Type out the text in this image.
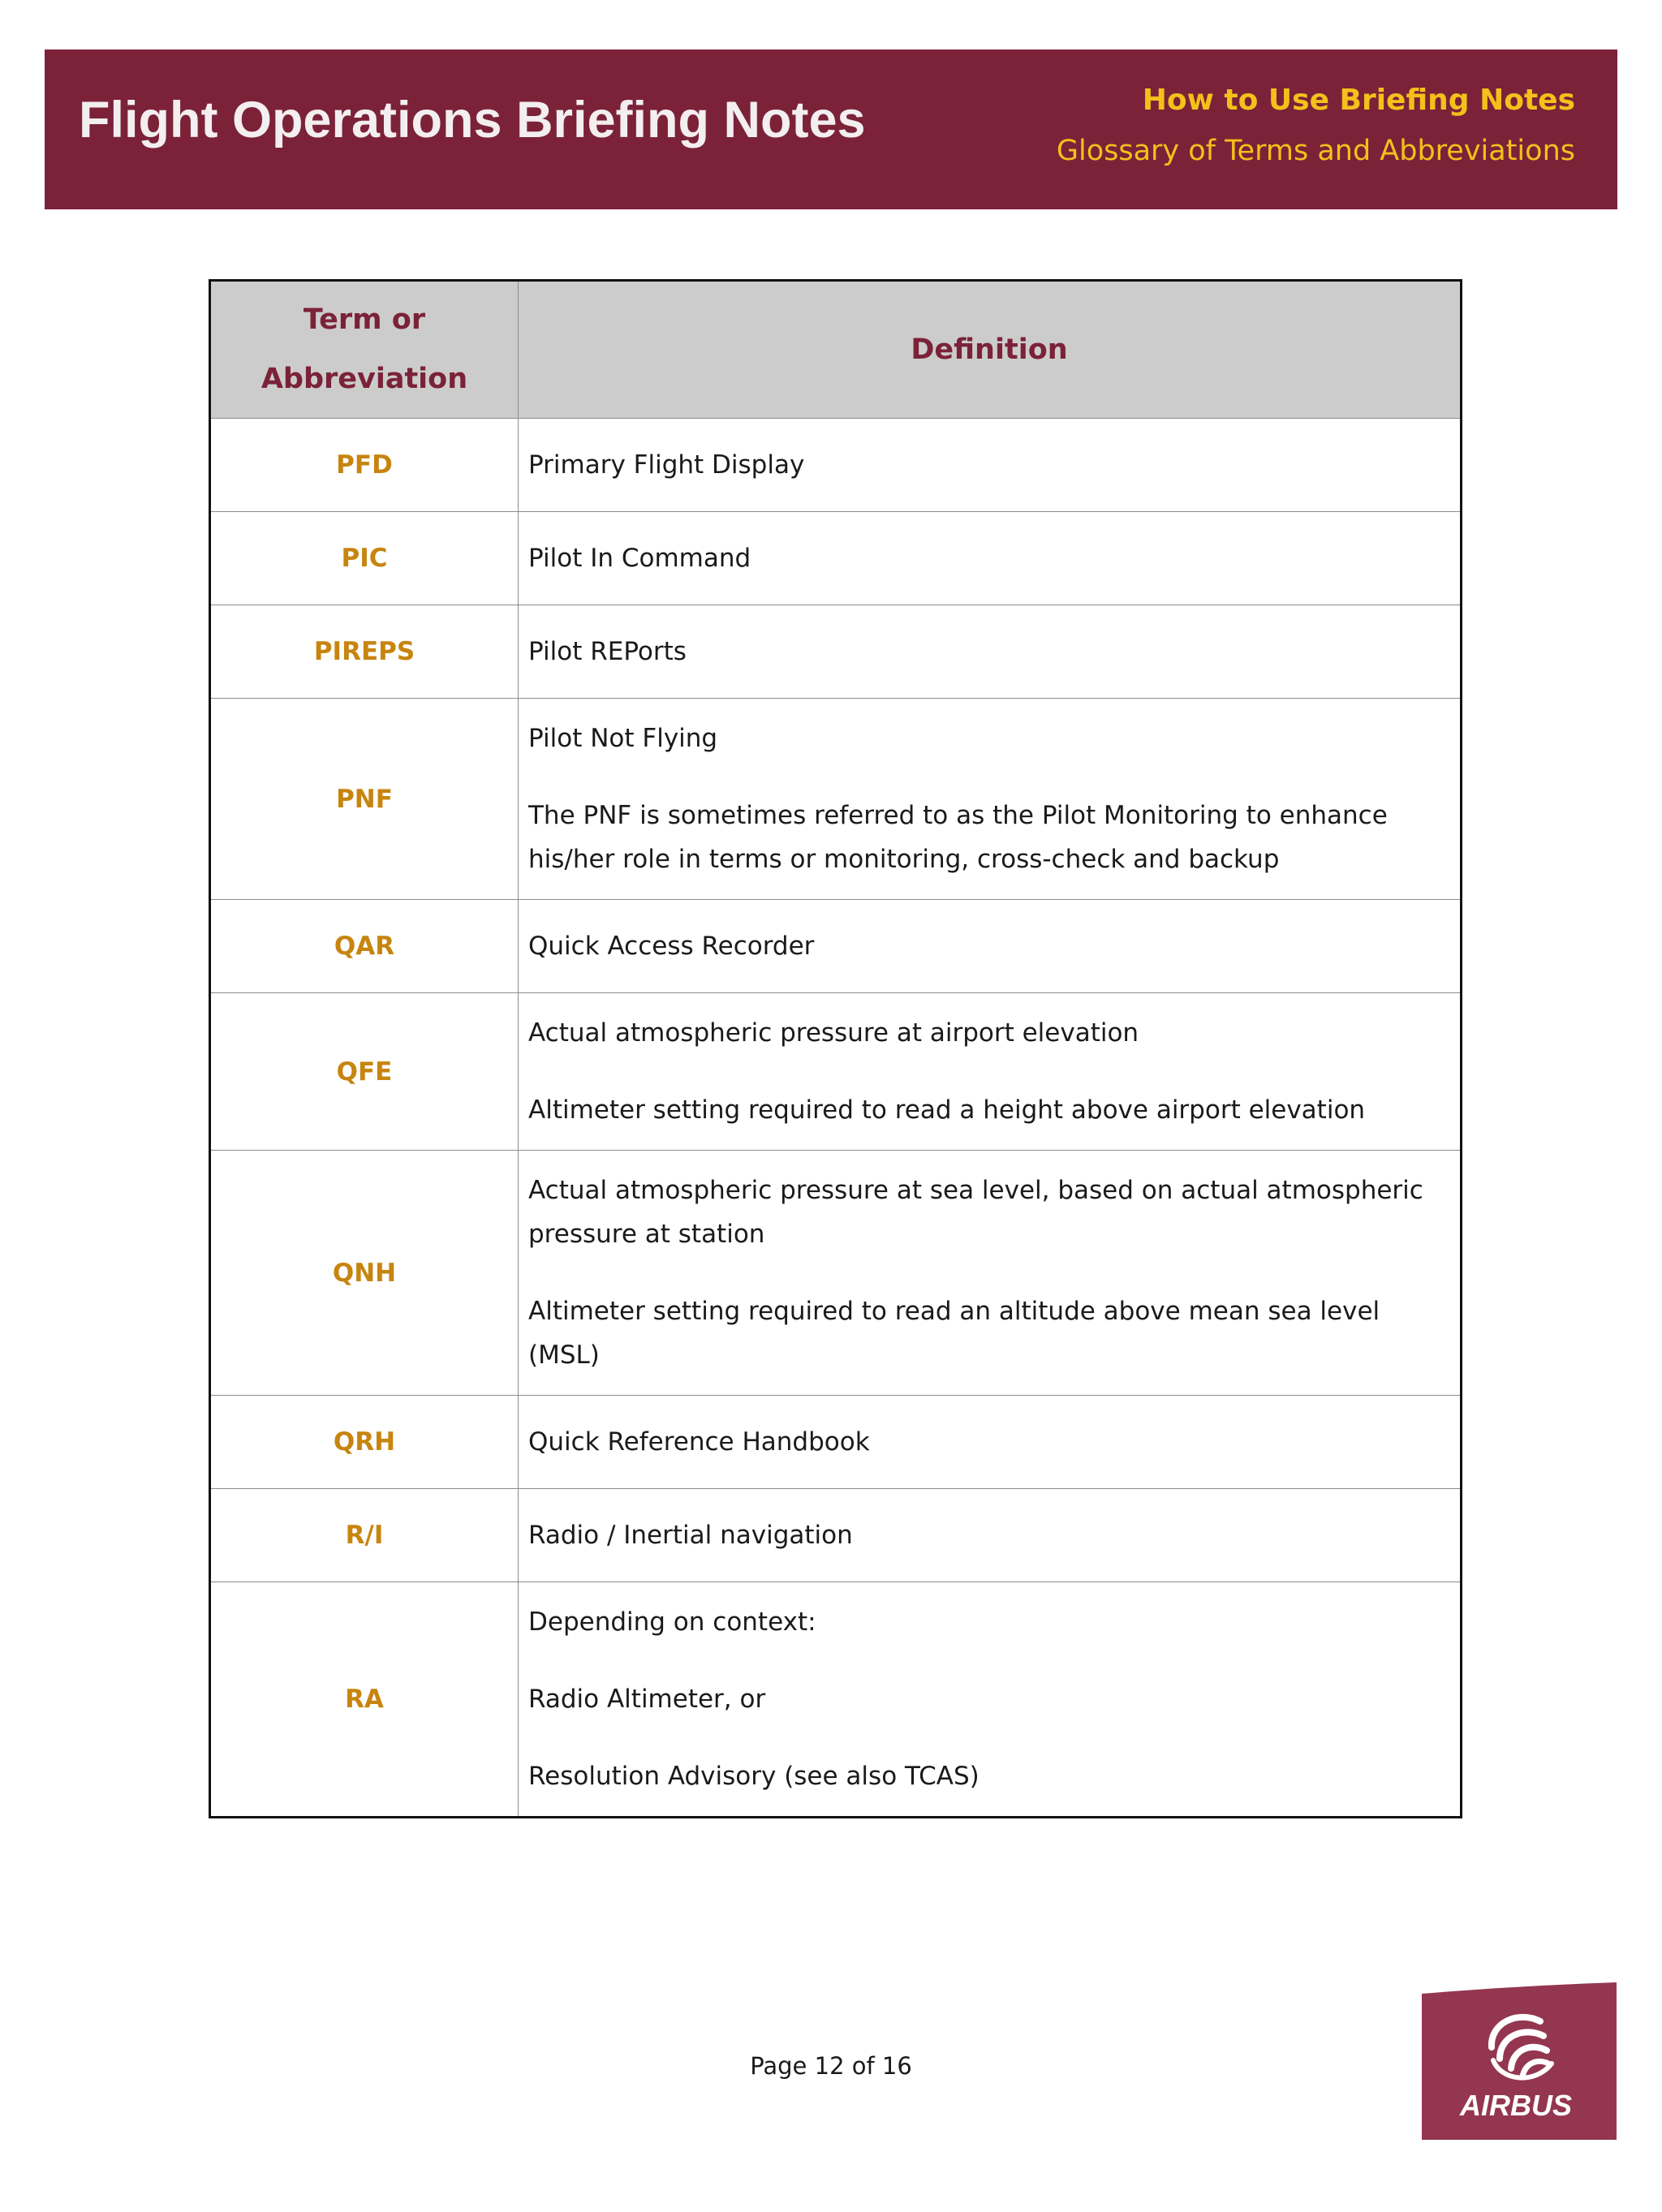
Flight Operations Briefing Notes	How to Use Briefing Notes
Glossary of Terms and Abbreviations
Term or
Abbreviation	Definition
PFD	Primary Flight Display

PIC	Pilot In Command

PIREPS	Pilot REPorts

PNF	Pilot Not Flying

The PNF is sometimes referred to as the Pilot Monitoring to enhance his/her role in terms or monitoring, cross-check and backup

QAR	Quick Access Recorder

QFE	Actual atmospheric pressure at airport elevation

Altimeter setting required to read a height above airport elevation

QNH	Actual atmospheric pressure at sea level, based on actual atmospheric pressure at station

Altimeter setting required to read an altitude above mean sea level (MSL)

QRH	Quick Reference Handbook

R/I	Radio / Inertial navigation

RA	Depending on context:

Radio Altimeter, or

Resolution Advisory (see also TCAS)

Page 12 of 16
AIRBUS
